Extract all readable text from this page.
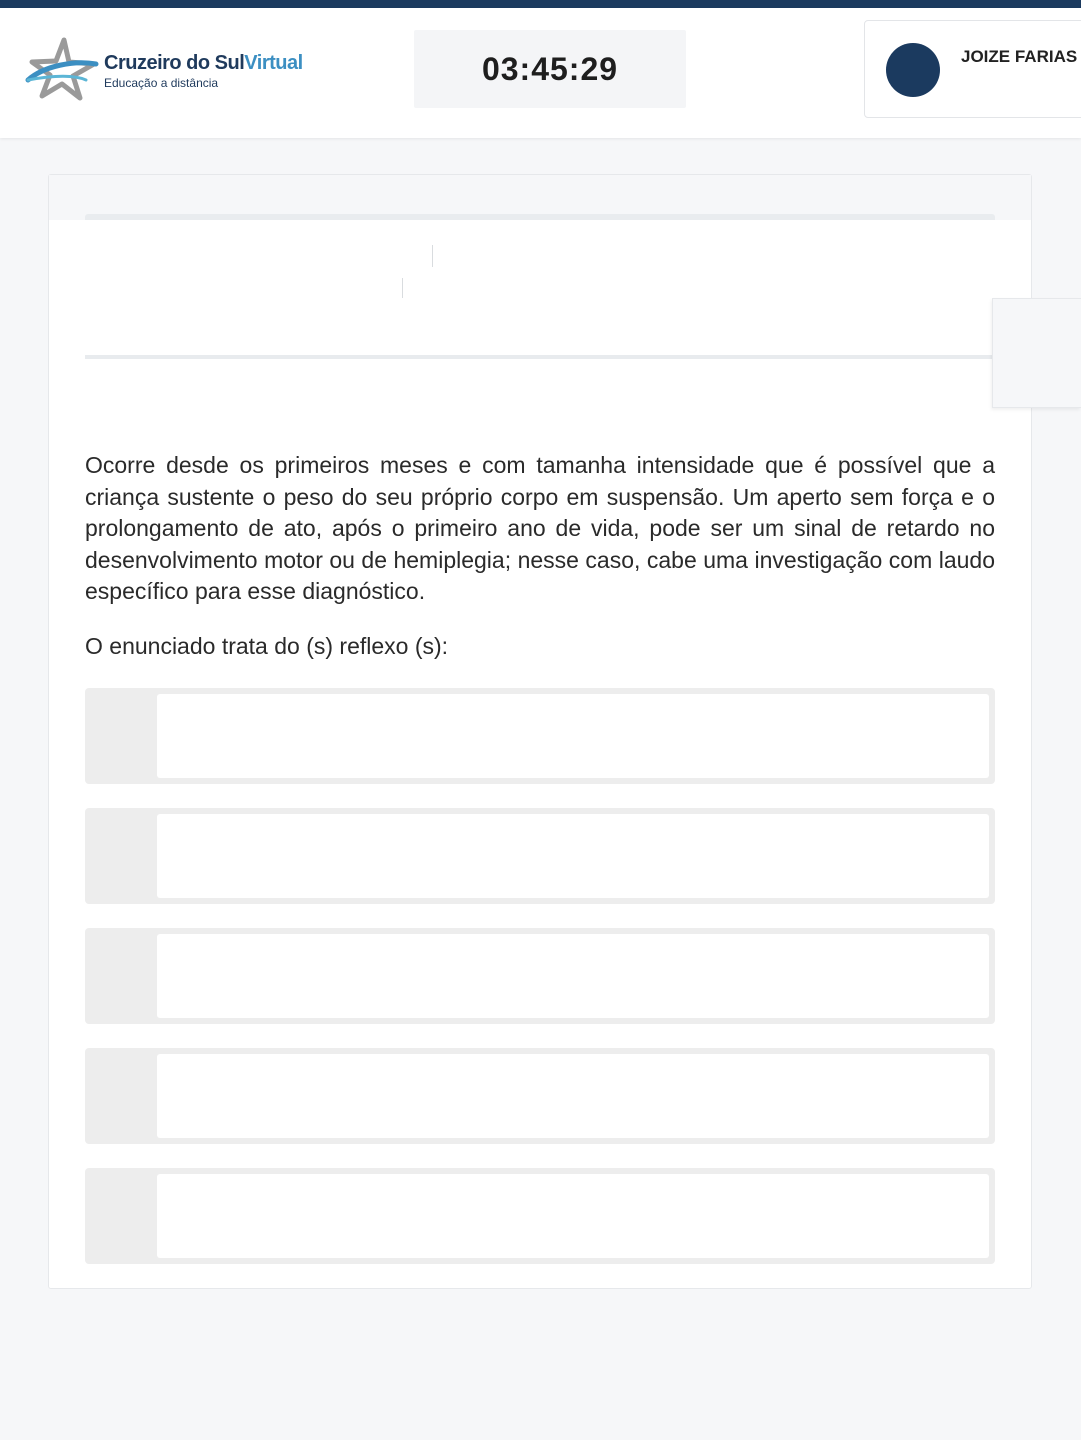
Cruzeiro do SulVirtual
Educação a distância	03:45:29	JOIZE FARIAS

Ocorre desde os primeiros meses e com tamanha intensidade que é possível que a criança sustente o peso do seu próprio corpo em suspensão. Um aperto sem força e o prolongamento de ato, após o primeiro ano de vida, pode ser um sinal de retardo no desenvolvimento motor ou de hemiplegia; nesse caso, cabe uma investigação com laudo específico para esse diagnóstico.

O enunciado trata do (s) reflexo (s):
